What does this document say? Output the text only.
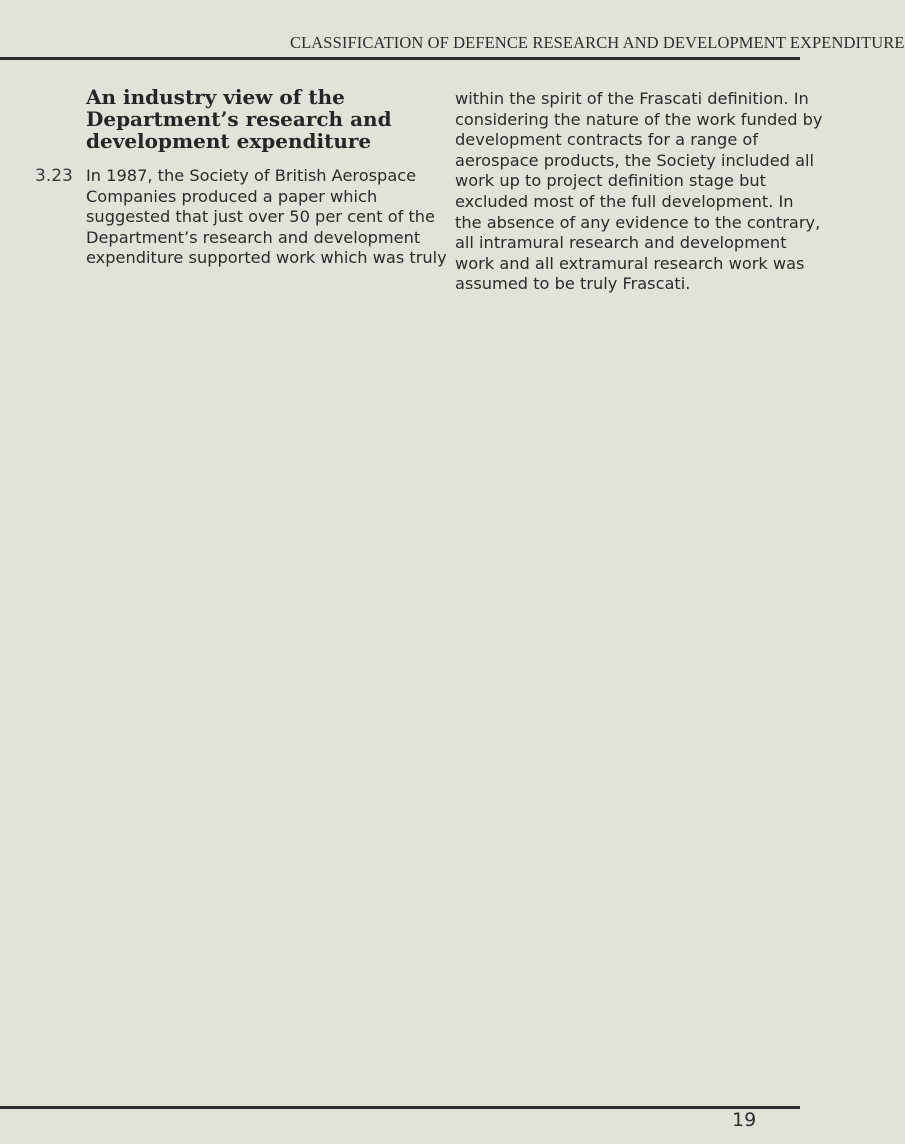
CLASSIFICATION OF DEFENCE RESEARCH AND DEVELOPMENT EXPENDITURE
An industry view of the
Department’s research and
development expenditure
3.23 In 1987, the Society of British Aerospace
Companies produced a paper which
suggested that just over 50 per cent of the
Department’s research and development
expenditure supported work which was truly

within the spirit of the Frascati definition. In
considering the nature of the work funded by
development contracts for a range of
aerospace products, the Society included all
work up to project definition stage but
excluded most of the full development. In
the absence of any evidence to the contrary,
all intramural research and development
work and all extramural research work was
assumed to be truly Frascati.

19
